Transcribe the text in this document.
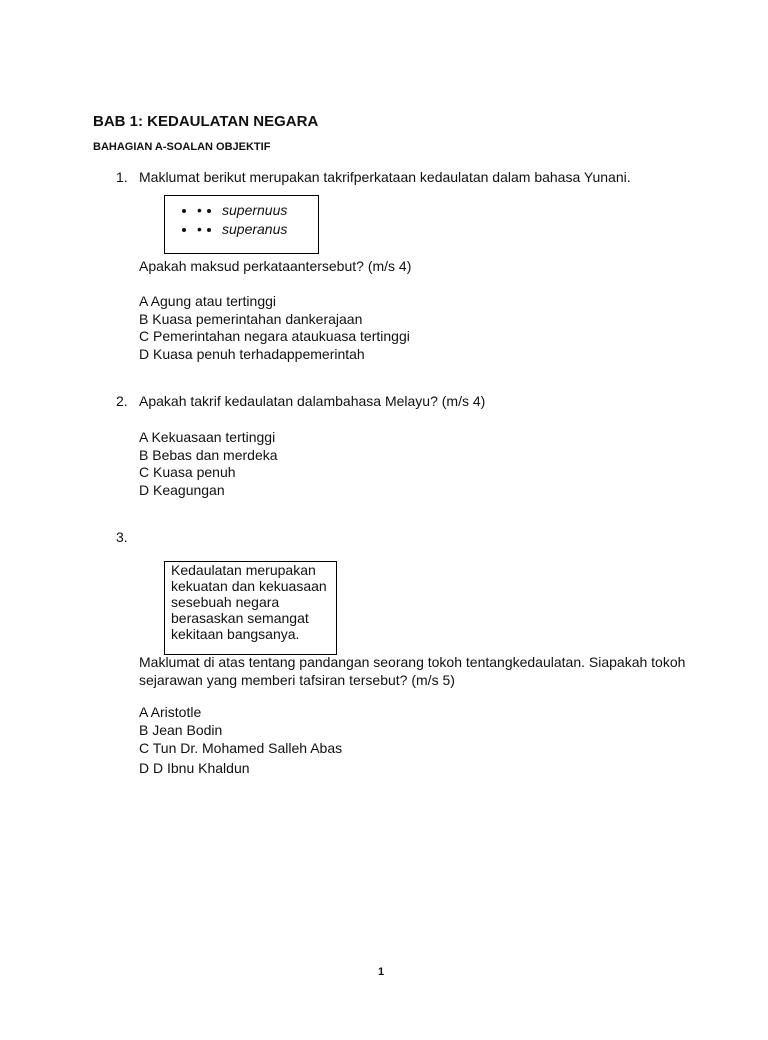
BAB 1: KEDAULATAN NEGARA
BAHAGIAN A-SOALAN OBJEKTIF
1. Maklumat berikut merupakan takrifperkataan kedaulatan dalam bahasa Yunani.
• • • supernuus
• • • superanus
Apakah maksud perkataantersebut? (m/s 4)
A Agung atau tertinggi
B Kuasa pemerintahan dankerajaan
C Pemerintahan negara ataukuasa tertinggi
D Kuasa penuh terhadappemerintah
2. Apakah takrif kedaulatan dalambahasa Melayu? (m/s 4)
A Kekuasaan tertinggi
B Bebas dan merdeka
C Kuasa penuh
D Keagungan
3.
Kedaulatan merupakan kekuatan dan kekuasaan sesebuah negara berasaskan semangat kekitaan bangsanya.
Maklumat di atas tentang pandangan seorang tokoh tentangkedaulatan. Siapakah tokoh
sejarawan yang memberi tafsiran tersebut? (m/s 5)
A Aristotle
B Jean Bodin
C Tun Dr. Mohamed Salleh Abas
D D Ibnu Khaldun
1
